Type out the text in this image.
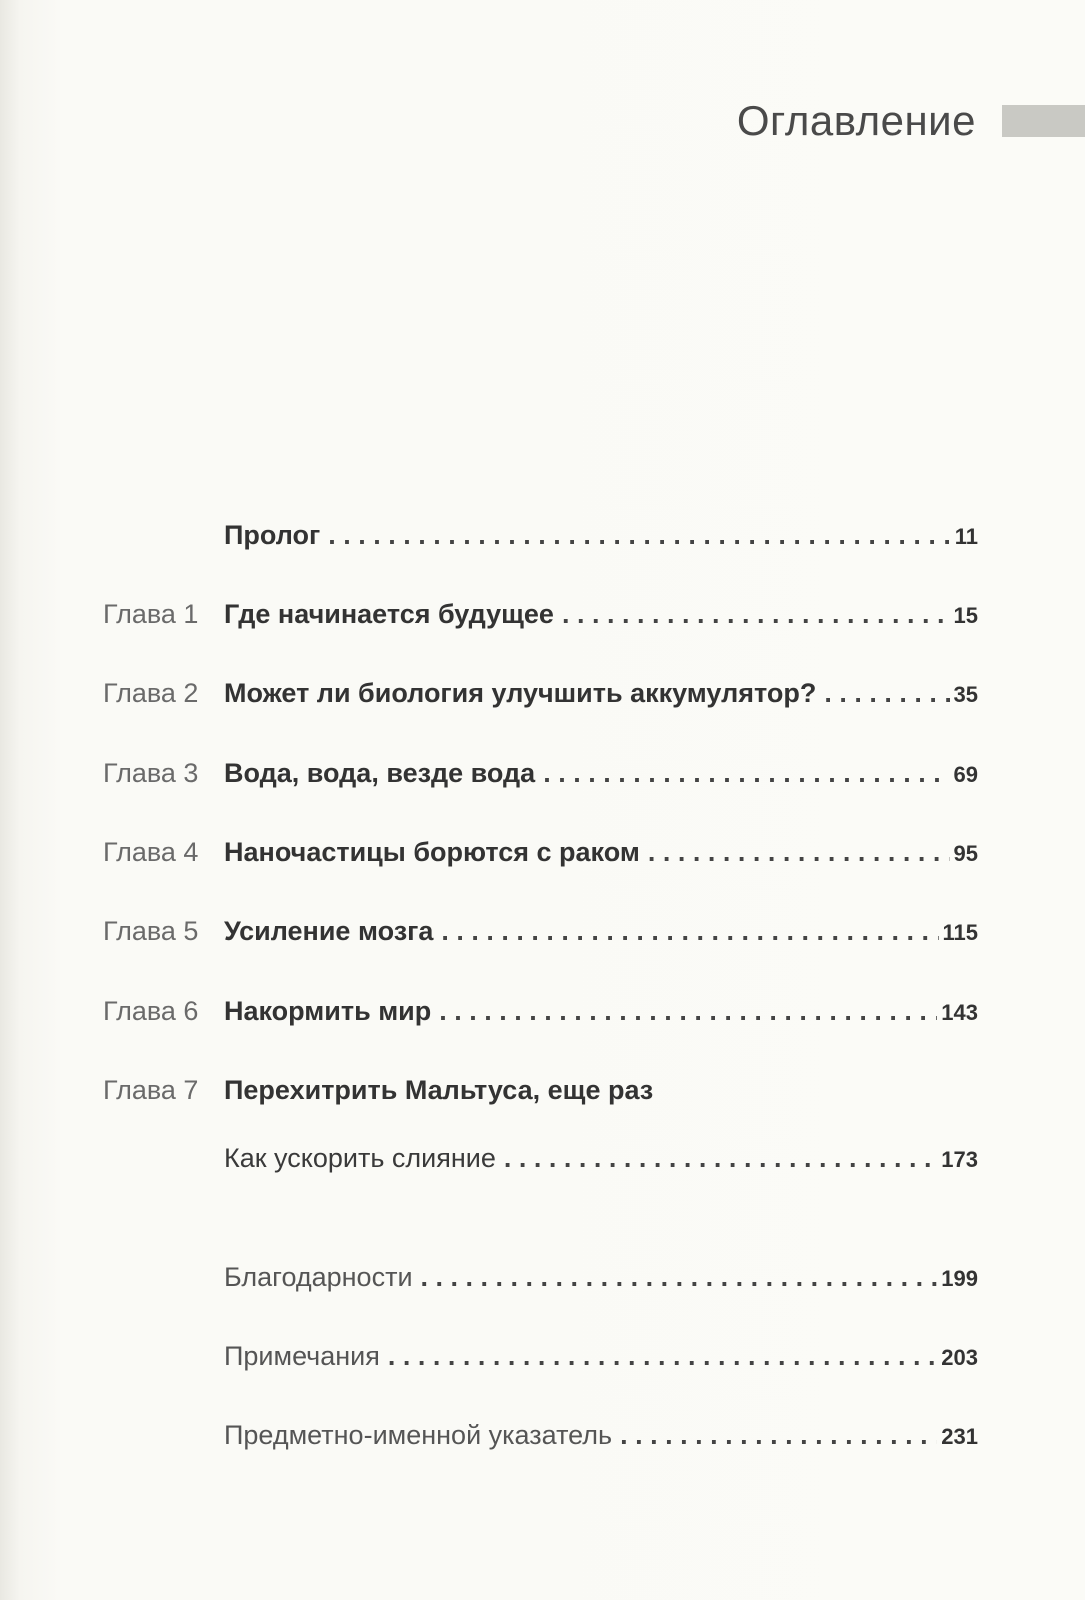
Оглавление
Пролог . . .	11
Глава 1 Где начинается будущее . . .	15
Глава 2 Может ли биология улучшить аккумулятор? . . .	35
Глава 3 Вода, вода, везде вода . . .	69
Глава 4 Наночастицы борются с раком . . .	95
Глава 5 Усиление мозга . . .	115
Глава 6 Накормить мир . . .	143
Глава 7 Перехитрить Мальтуса, еще раз
Как ускорить слияние . . .	173
Благодарности . . .	199
Примечания . . .	203
Предметно-именной указатель . . .	231
